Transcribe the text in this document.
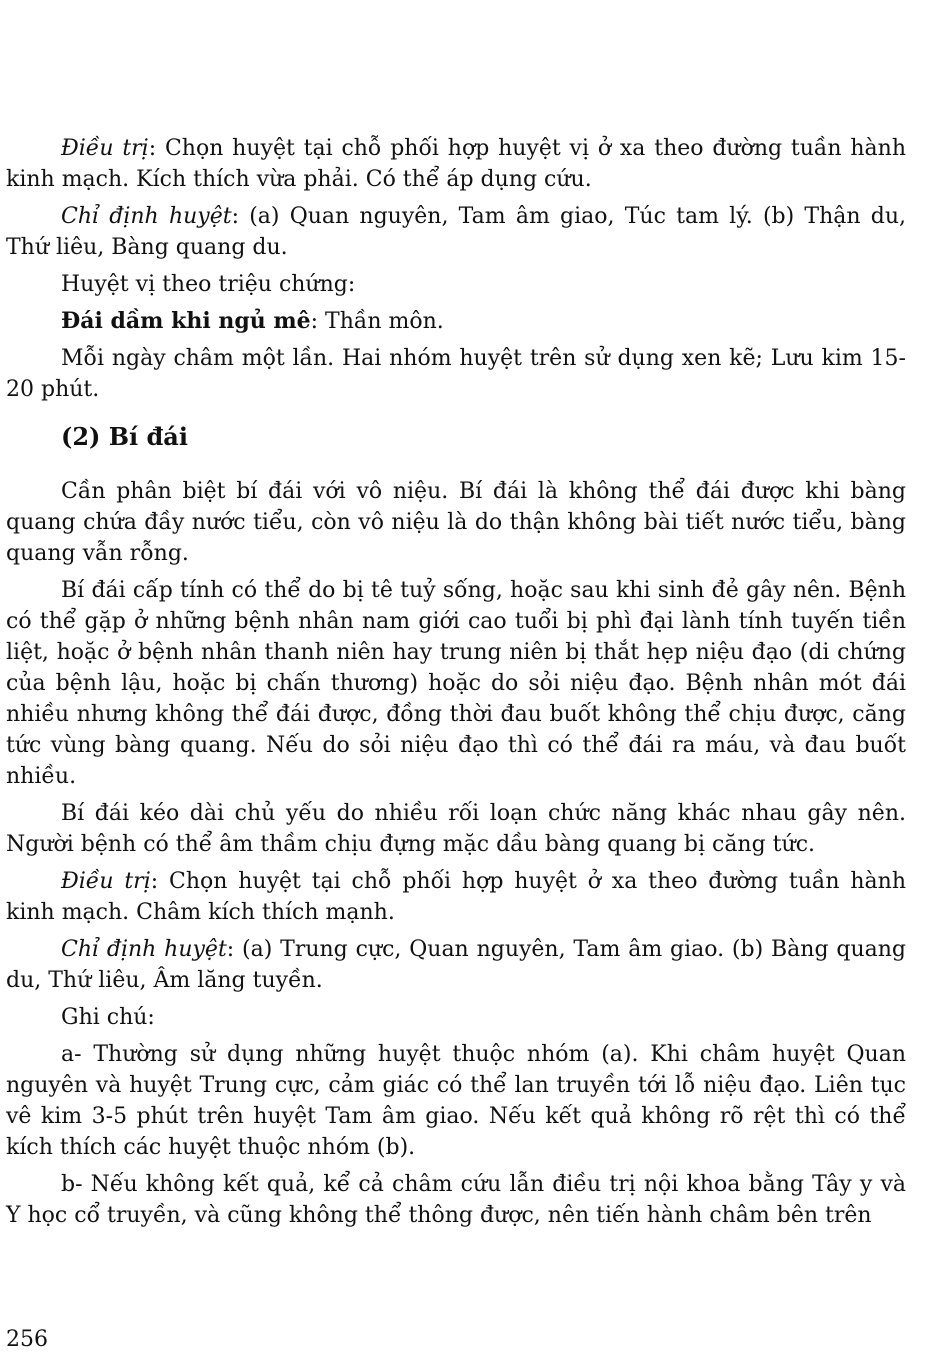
Điều trị: Chọn huyệt tại chỗ phối hợp huyệt vị ở xa theo đường tuần hành kinh mạch. Kích thích vừa phải. Có thể áp dụng cứu.

Chỉ định huyệt: (a) Quan nguyên, Tam âm giao, Túc tam lý. (b) Thận du, Thứ liêu, Bàng quang du.

Huyệt vị theo triệu chứng:

Đái dầm khi ngủ mê: Thần môn.

Mỗi ngày châm một lần. Hai nhóm huyệt trên sử dụng xen kẽ; Lưu kim 15-20 phút.

(2) Bí đái

Cần phân biệt bí đái với vô niệu. Bí đái là không thể đái được khi bàng quang chứa đầy nước tiểu, còn vô niệu là do thận không bài tiết nước tiểu, bàng quang vẫn rỗng.

Bí đái cấp tính có thể do bị tê tuỷ sống, hoặc sau khi sinh đẻ gây nên. Bệnh có thể gặp ở những bệnh nhân nam giới cao tuổi bị phì đại lành tính tuyến tiền liệt, hoặc ở bệnh nhân thanh niên hay trung niên bị thắt hẹp niệu đạo (di chứng của bệnh lậu, hoặc bị chấn thương) hoặc do sỏi niệu đạo. Bệnh nhân mót đái nhiều nhưng không thể đái được, đồng thời đau buốt không thể chịu được, căng tức vùng bàng quang. Nếu do sỏi niệu đạo thì có thể đái ra máu, và đau buốt nhiều.

Bí đái kéo dài chủ yếu do nhiều rối loạn chức năng khác nhau gây nên. Người bệnh có thể âm thầm chịu đựng mặc dầu bàng quang bị căng tức.

Điều trị: Chọn huyệt tại chỗ phối hợp huyệt ở xa theo đường tuần hành kinh mạch. Châm kích thích mạnh.

Chỉ định huyệt: (a) Trung cực, Quan nguyên, Tam âm giao. (b) Bàng quang du, Thứ liêu, Âm lăng tuyền.

Ghi chú:

a- Thường sử dụng những huyệt thuộc nhóm (a). Khi châm huyệt Quan nguyên và huyệt Trung cực, cảm giác có thể lan truyền tới lỗ niệu đạo. Liên tục vê kim 3-5 phút trên huyệt Tam âm giao. Nếu kết quả không rõ rệt thì có thể kích thích các huyệt thuộc nhóm (b).

b- Nếu không kết quả, kể cả châm cứu lẫn điều trị nội khoa bằng Tây y và Y học cổ truyền, và cũng không thể thông được, nên tiến hành châm bên trên

256
